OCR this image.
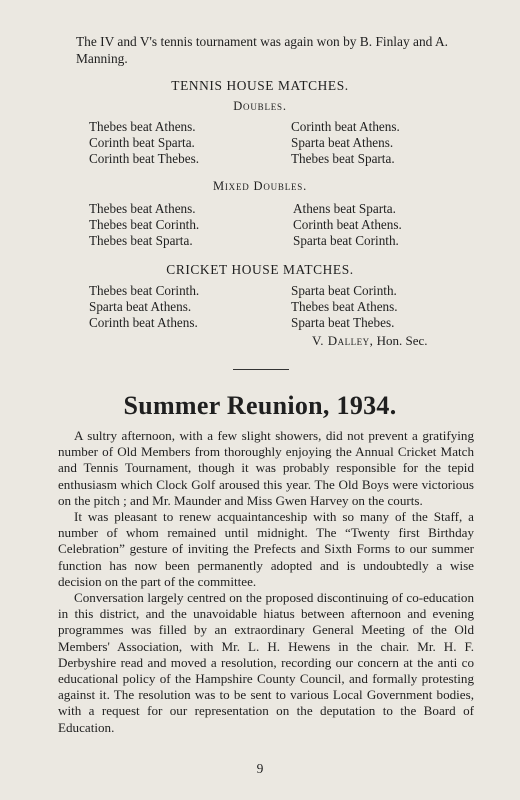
The IV and V's tennis tournament was again won by B. Finlay and A. Manning.
TENNIS HOUSE MATCHES.
Doubles.
Thebes beat Athens.
Corinth beat Sparta.
Corinth beat Thebes.
Corinth beat Athens.
Sparta beat Athens.
Thebes beat Sparta.
Mixed Doubles.
Thebes beat Athens.
Thebes beat Corinth.
Thebes beat Sparta.
Athens beat Sparta.
Corinth beat Athens.
Sparta beat Corinth.
CRICKET HOUSE MATCHES.
Thebes beat Corinth.
Sparta beat Athens.
Corinth beat Athens.
Sparta beat Corinth.
Thebes beat Athens.
Sparta beat Thebes.
V. Dalley, Hon. Sec.
Summer Reunion, 1934.

A sultry afternoon, with a few slight showers, did not prevent a gratifying number of Old Members from thoroughly enjoying the Annual Cricket Match and Tennis Tournament, though it was probably responsible for the tepid enthusiasm which Clock Golf aroused this year. The Old Boys were victorious on the pitch ; and Mr. Maunder and Miss Gwen Harvey on the courts.

It was pleasant to renew acquaintanceship with so many of the Staff, a number of whom remained until midnight. The “Twenty first Birthday Celebration” gesture of inviting the Prefects and Sixth Forms to our summer function has now been permanently adopted and is undoubtedly a wise decision on the part of the committee.

Conversation largely centred on the proposed discontinuing of co-education in this district, and the unavoidable hiatus between afternoon and evening programmes was filled by an extraordinary General Meeting of the Old Members' Association, with Mr. L. H. Hewens in the chair. Mr. H. F. Derbyshire read and moved a resolution, recording our concern at the anti co educational policy of the Hampshire County Council, and formally protesting against it. The resolution was to be sent to various Local Government bodies, with a request for our representation on the deputation to the Board of Education.

9
